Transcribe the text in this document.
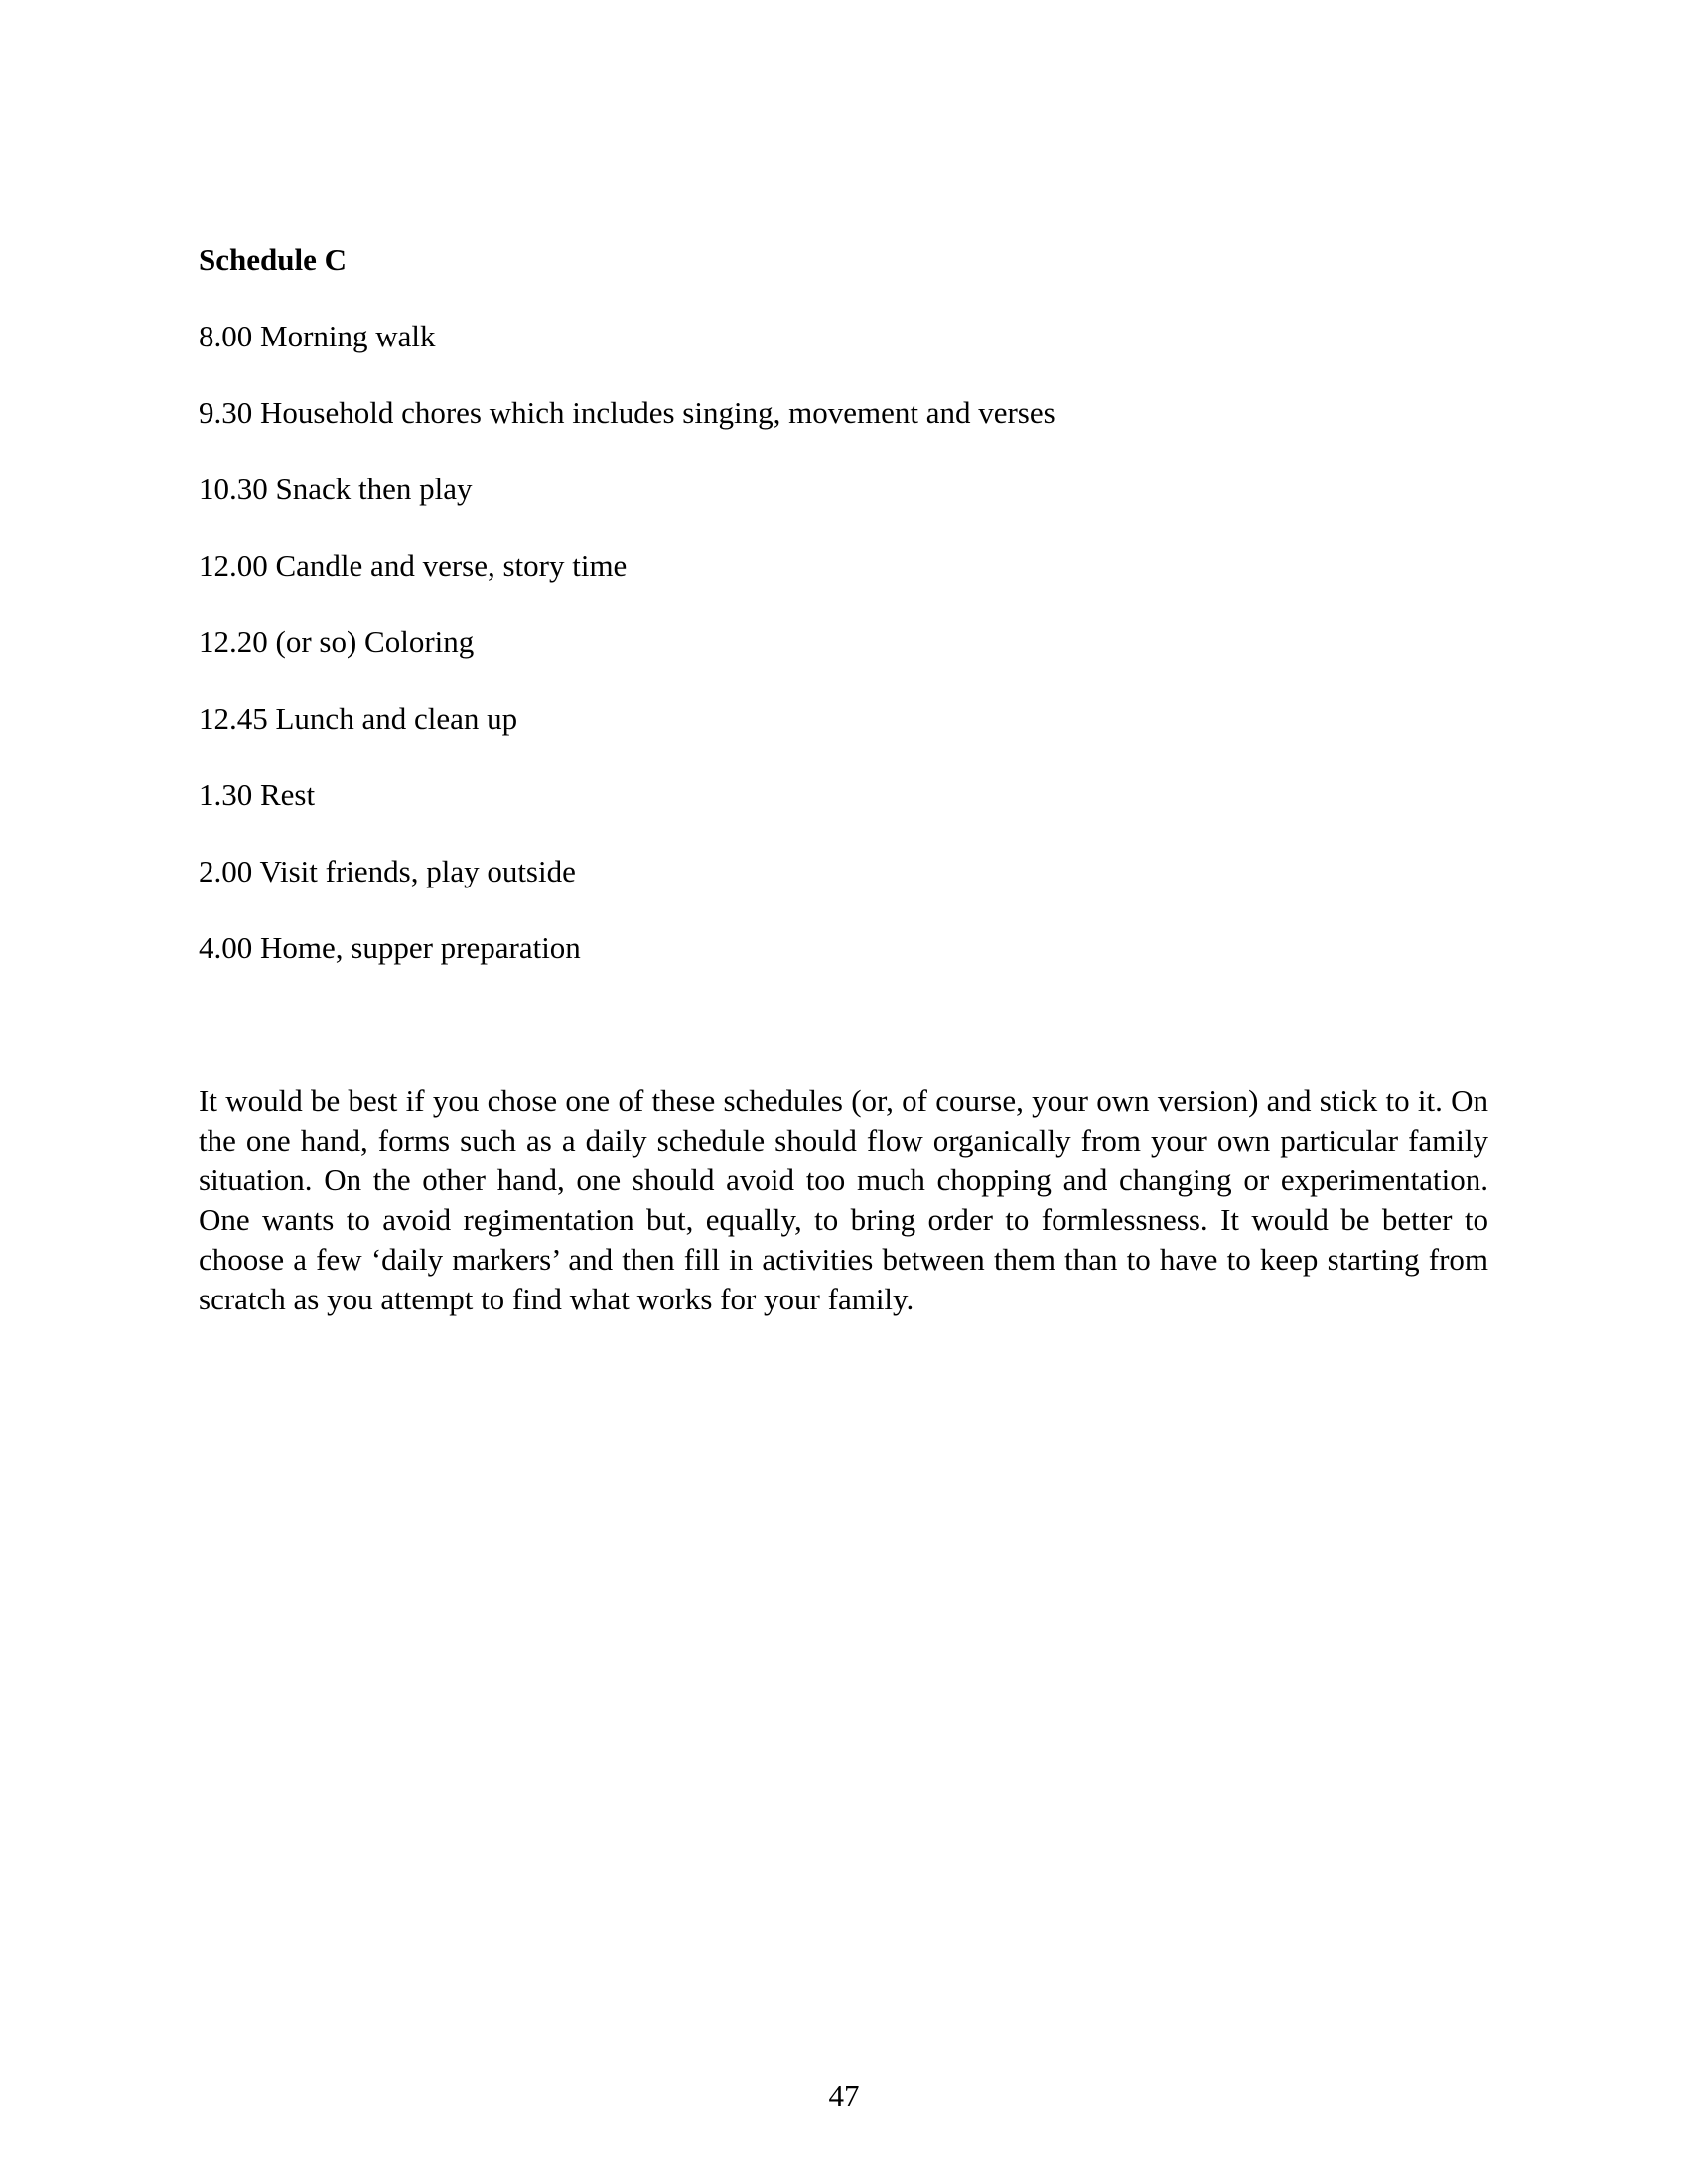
Schedule C
8.00 Morning walk
9.30 Household chores which includes singing, movement and verses
10.30 Snack then play
12.00 Candle and verse, story time
12.20 (or so) Coloring
12.45 Lunch and clean up
1.30 Rest
2.00 Visit friends, play outside
4.00 Home, supper preparation

It would be best if you chose one of these schedules (or, of course, your own version) and stick to it. On the one hand, forms such as a daily schedule should flow organically from your own particular family situation. On the other hand, one should avoid too much chopping and changing or experimentation. One wants to avoid regimentation but, equally, to bring order to formlessness. It would be better to choose a few ‘daily markers’ and then fill in activities between them than to have to keep starting from scratch as you attempt to find what works for your family.

47
